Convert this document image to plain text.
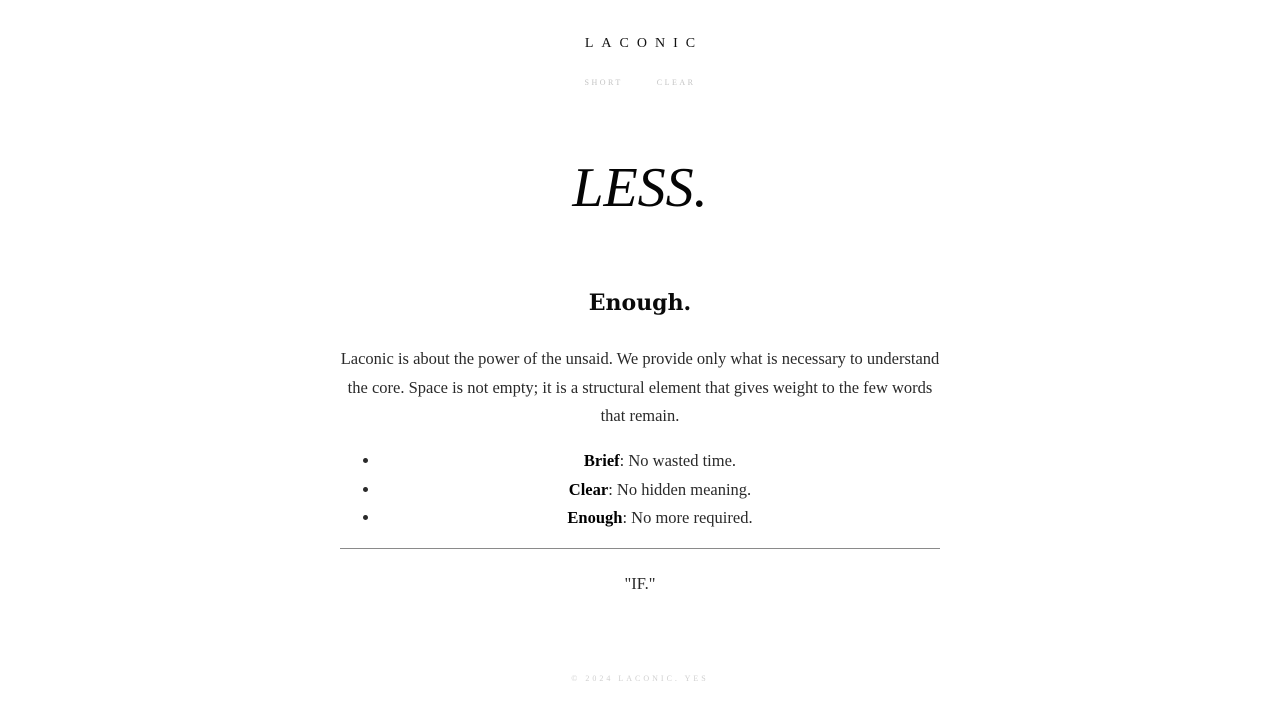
LACONIC
SHORT	CLEAR
LESS.
Enough.

Laconic is about the power of the unsaid. We provide only what is necessary to understand the core. Space is not empty; it is a structural element that gives weight to the few words that remain.

• Brief: No wasted time.
• Clear: No hidden meaning.
• Enough: No more required.

"IF."

© 2024 LACONIC. YES
